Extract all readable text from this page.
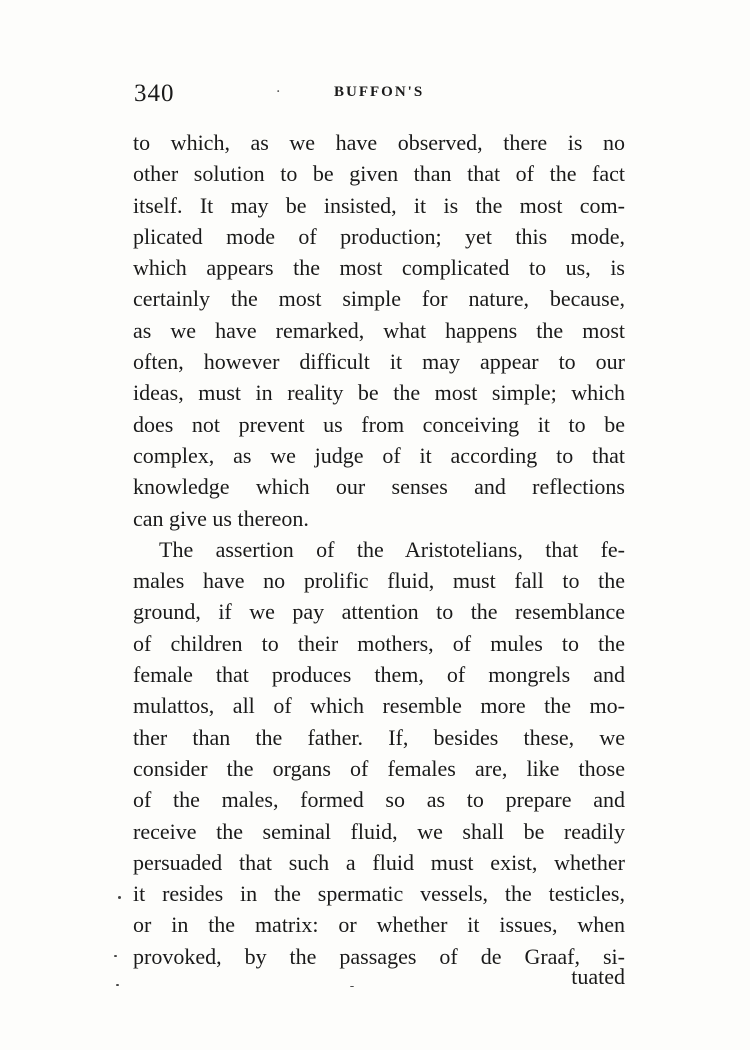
340	·	BUFFON'S
to which, as we have observed, there is no
other solution to be given than that of the fact
itself. It may be insisted, it is the most com-
plicated mode of production; yet this mode,
which appears the most complicated to us, is
certainly the most simple for nature, because,
as we have remarked, what happens the most
often, however difficult it may appear to our
ideas, must in reality be the most simple; which
does not prevent us from conceiving it to be
complex, as we judge of it according to that
knowledge which our senses and reflections
can give us thereon.
The assertion of the Aristotelians, that fe-
males have no prolific fluid, must fall to the
ground, if we pay attention to the resemblance
of children to their mothers, of mules to the
female that produces them, of mongrels and
mulattos, all of which resemble more the mo-
ther than the father. If, besides these, we
consider the organs of females are, like those
of the males, formed so as to prepare and
receive the seminal fluid, we shall be readily
persuaded that such a fluid must exist, whether
it resides in the spermatic vessels, the testicles,
or in the matrix: or whether it issues, when
provoked, by the passages of de Graaf, si-
tuated
